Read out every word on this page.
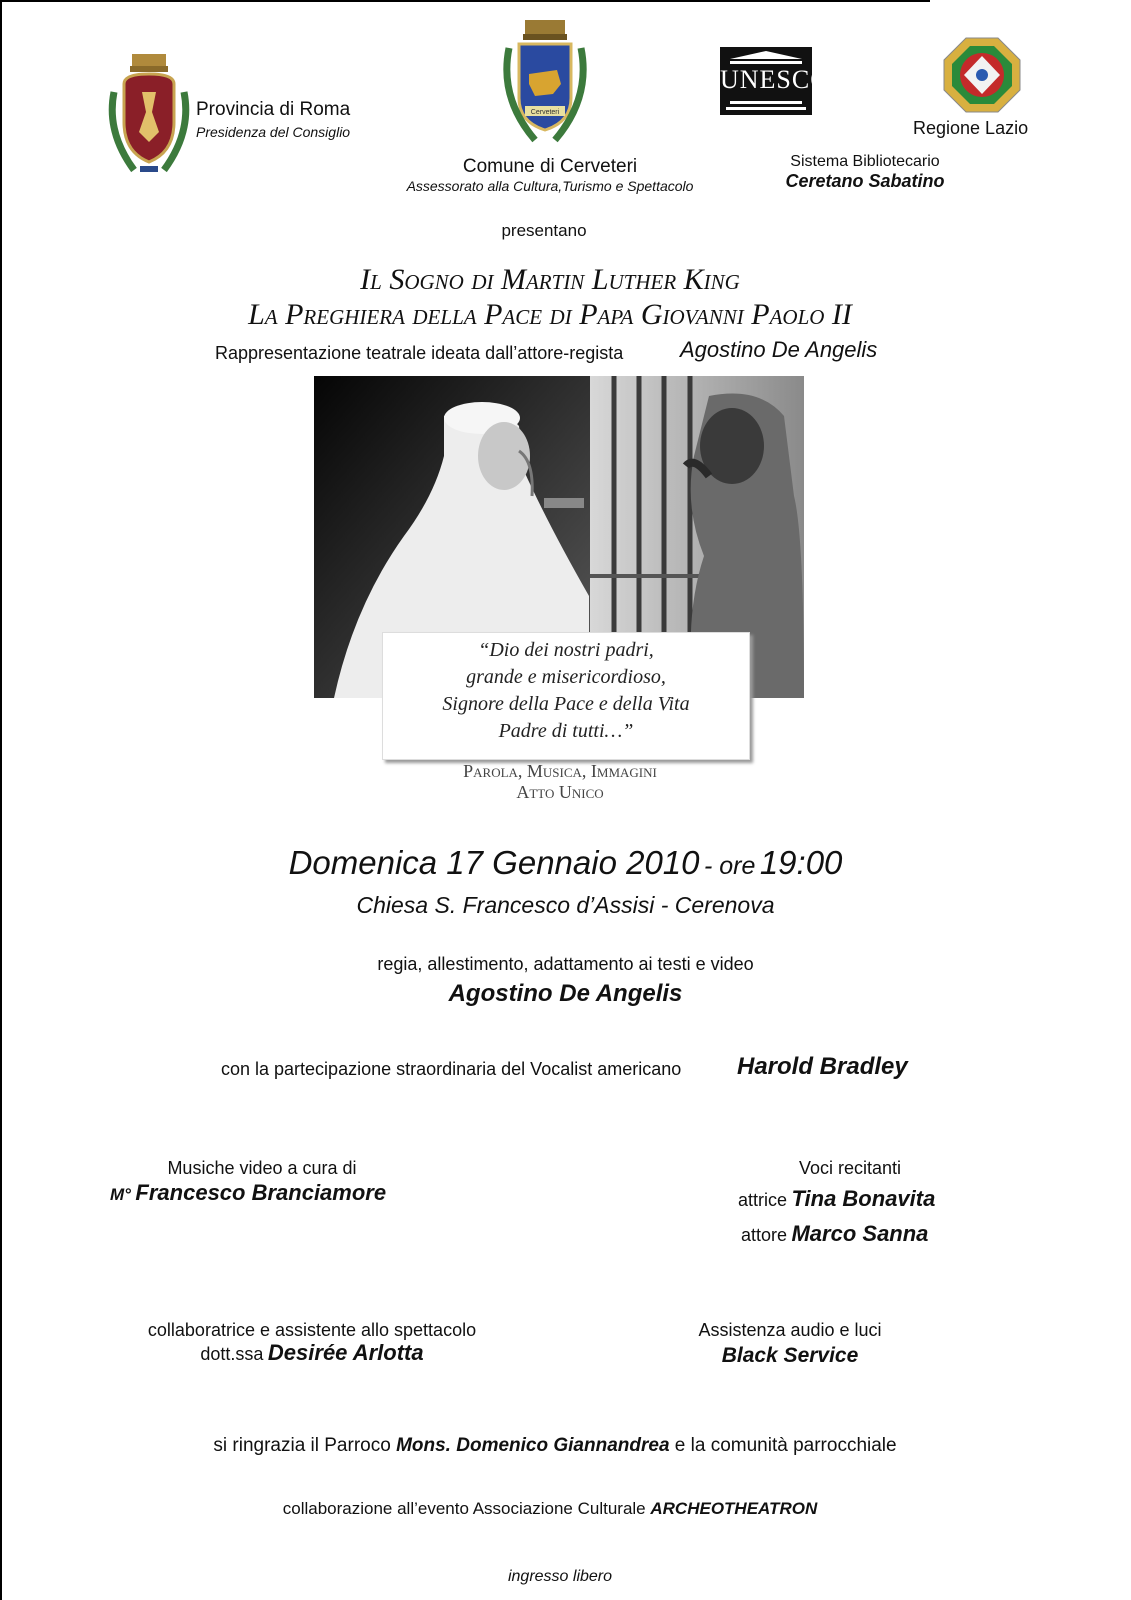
Provincia di Roma
Presidenza del Consiglio
Cerveteri
Comune di Cerveteri
Assessorato alla Cultura,Turismo e Spettacolo
UNESCO
Regione Lazio
Sistema Bibliotecario
Ceretano Sabatino
presentano
Il Sogno di Martin Luther King
La Preghiera della Pace di Papa Giovanni Paolo II
Rappresentazione teatrale ideata dall’attore-regista	Agostino De Angelis
“Dio dei nostri padri,
grande e misericordioso,
Signore della Pace e della Vita
Padre di tutti…”
Parola, Musica, Immagini
Atto Unico
Domenica 17 Gennaio 2010 - ore 19:00
Chiesa S. Francesco d’Assisi - Cerenova
regia, allestimento, adattamento ai testi e video
Agostino De Angelis
con la partecipazione straordinaria del Vocalist americano Harold Bradley
Musiche video a cura di
M° Francesco Branciamore
Voci recitanti
attrice Tina Bonavita
attore Marco Sanna
collaboratrice e assistente allo spettacolo
dott.ssa Desirée Arlotta
Assistenza audio e luci
Black Service
si ringrazia il Parroco Mons. Domenico Giannandrea e la comunità parrocchiale
collaborazione all’evento Associazione Culturale ARCHEOTHEATRON
ingresso libero
